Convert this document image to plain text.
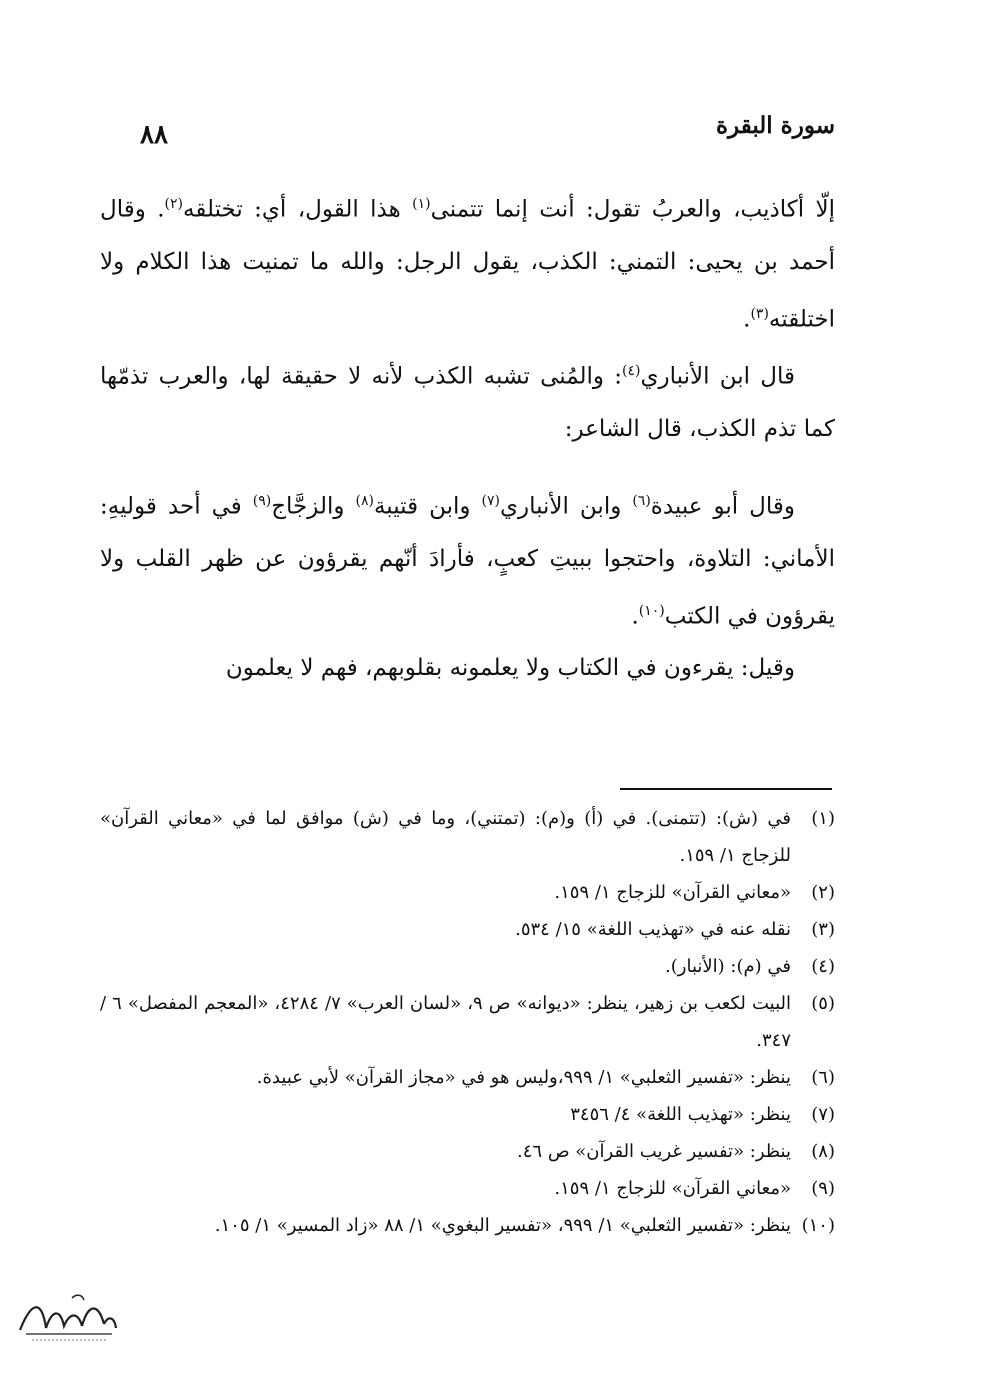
٨٨	سورة البقرة

إلّا أكاذيب، والعربُ تقول: أنت إنما تتمنى$^{(١)}$ هذا القول، أي: تختلقه$^{(٢)}$. وقال أحمد بن يحيى: التمني: الكذب، يقول الرجل: والله ما تمنيت هذا الكلام ولا اختلقته$^{(٣)}$.

قال ابن الأنباري$^{(٤)}$: والمُنى تشبه الكذب لأنه لا حقيقة لها، والعرب تذمّها كما تذم الكذب، قال الشاعر:

وقال أبو عبيدة$^{(٦)}$ وابن الأنباري$^{(٧)}$ وابن قتيبة$^{(٨)}$ والزجَّاج$^{(٩)}$ في أحد قوليهِ: الأماني: التلاوة، واحتجوا ببيتِ كعبٍ، فأرادَ أنّهم يقرؤون عن ظهر القلب ولا يقرؤون في الكتب$^{(١٠)}$.

وقيل: يقرءون في الكتاب ولا يعلمونه بقلوبهم، فهم لا يعلمون

(١)
في (ش): (تتمنى). في (أ) و(م): (تمتني)، وما في (ش) موافق لما في «معاني القرآن» للزجاج ١/ ١٥٩.
(٢)
«معاني القرآن» للزجاج ١/ ١٥٩.
(٣)
نقله عنه في «تهذيب اللغة» ١٥/ ٥٣٤.
(٤)
في (م): (الأنبار).
(٥)
البيت لكعب بن زهير، ينظر: «ديوانه» ص ٩، «لسان العرب» ٧/ ٤٢٨٤، «المعجم المفصل» ٦ / ٣٤٧.
(٦)
ينظر: «تفسير الثعلبي» ١/ ٩٩٩،وليس هو في «مجاز القرآن» لأبي عبيدة.
(٧)
ينظر: «تهذيب اللغة» ٤/ ٣٤٥٦
(٨)
ينظر: «تفسير غريب القرآن» ص ٤٦.
(٩)
«معاني القرآن» للزجاج ١/ ١٥٩.
(١٠)
ينظر: «تفسير الثعلبي» ١/ ٩٩٩، «تفسير البغوي» ١/ ٨٨ «زاد المسير» ١/ ١٠٥.
